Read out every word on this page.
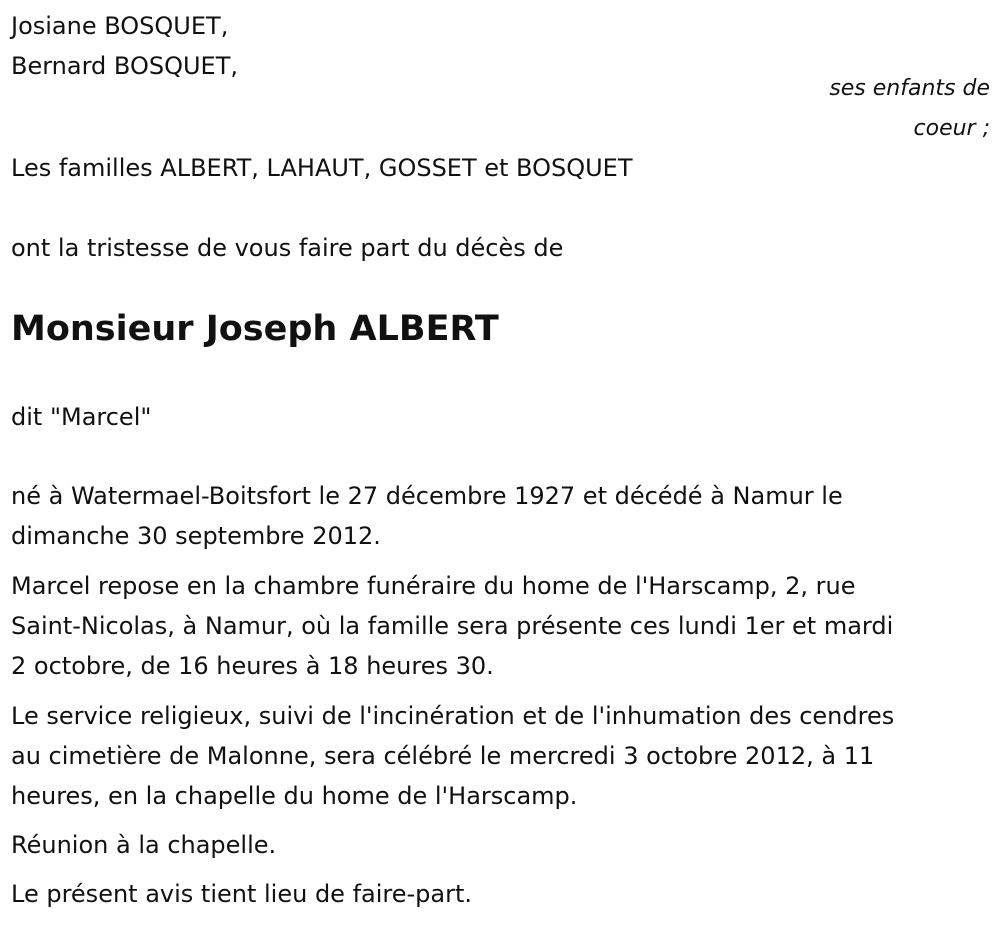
Josiane BOSQUET,
Bernard BOSQUET,
ses enfants de
coeur ;
Les familles ALBERT, LAHAUT, GOSSET et BOSQUET
ont la tristesse de vous faire part du décès de
Monsieur Joseph ALBERT
dit "Marcel"
né à Watermael-Boitsfort le 27 décembre 1927 et décédé à Namur le
dimanche 30 septembre 2012.
Marcel repose en la chambre funéraire du home de l'Harscamp, 2, rue
Saint-Nicolas, à Namur, où la famille sera présente ces lundi 1er et mardi
2 octobre, de 16 heures à 18 heures 30.
Le service religieux, suivi de l'incinération et de l'inhumation des cendres
au cimetière de Malonne, sera célébré le mercredi 3 octobre 2012, à 11
heures, en la chapelle du home de l'Harscamp.
Réunion à la chapelle.
Le présent avis tient lieu de faire-part.
